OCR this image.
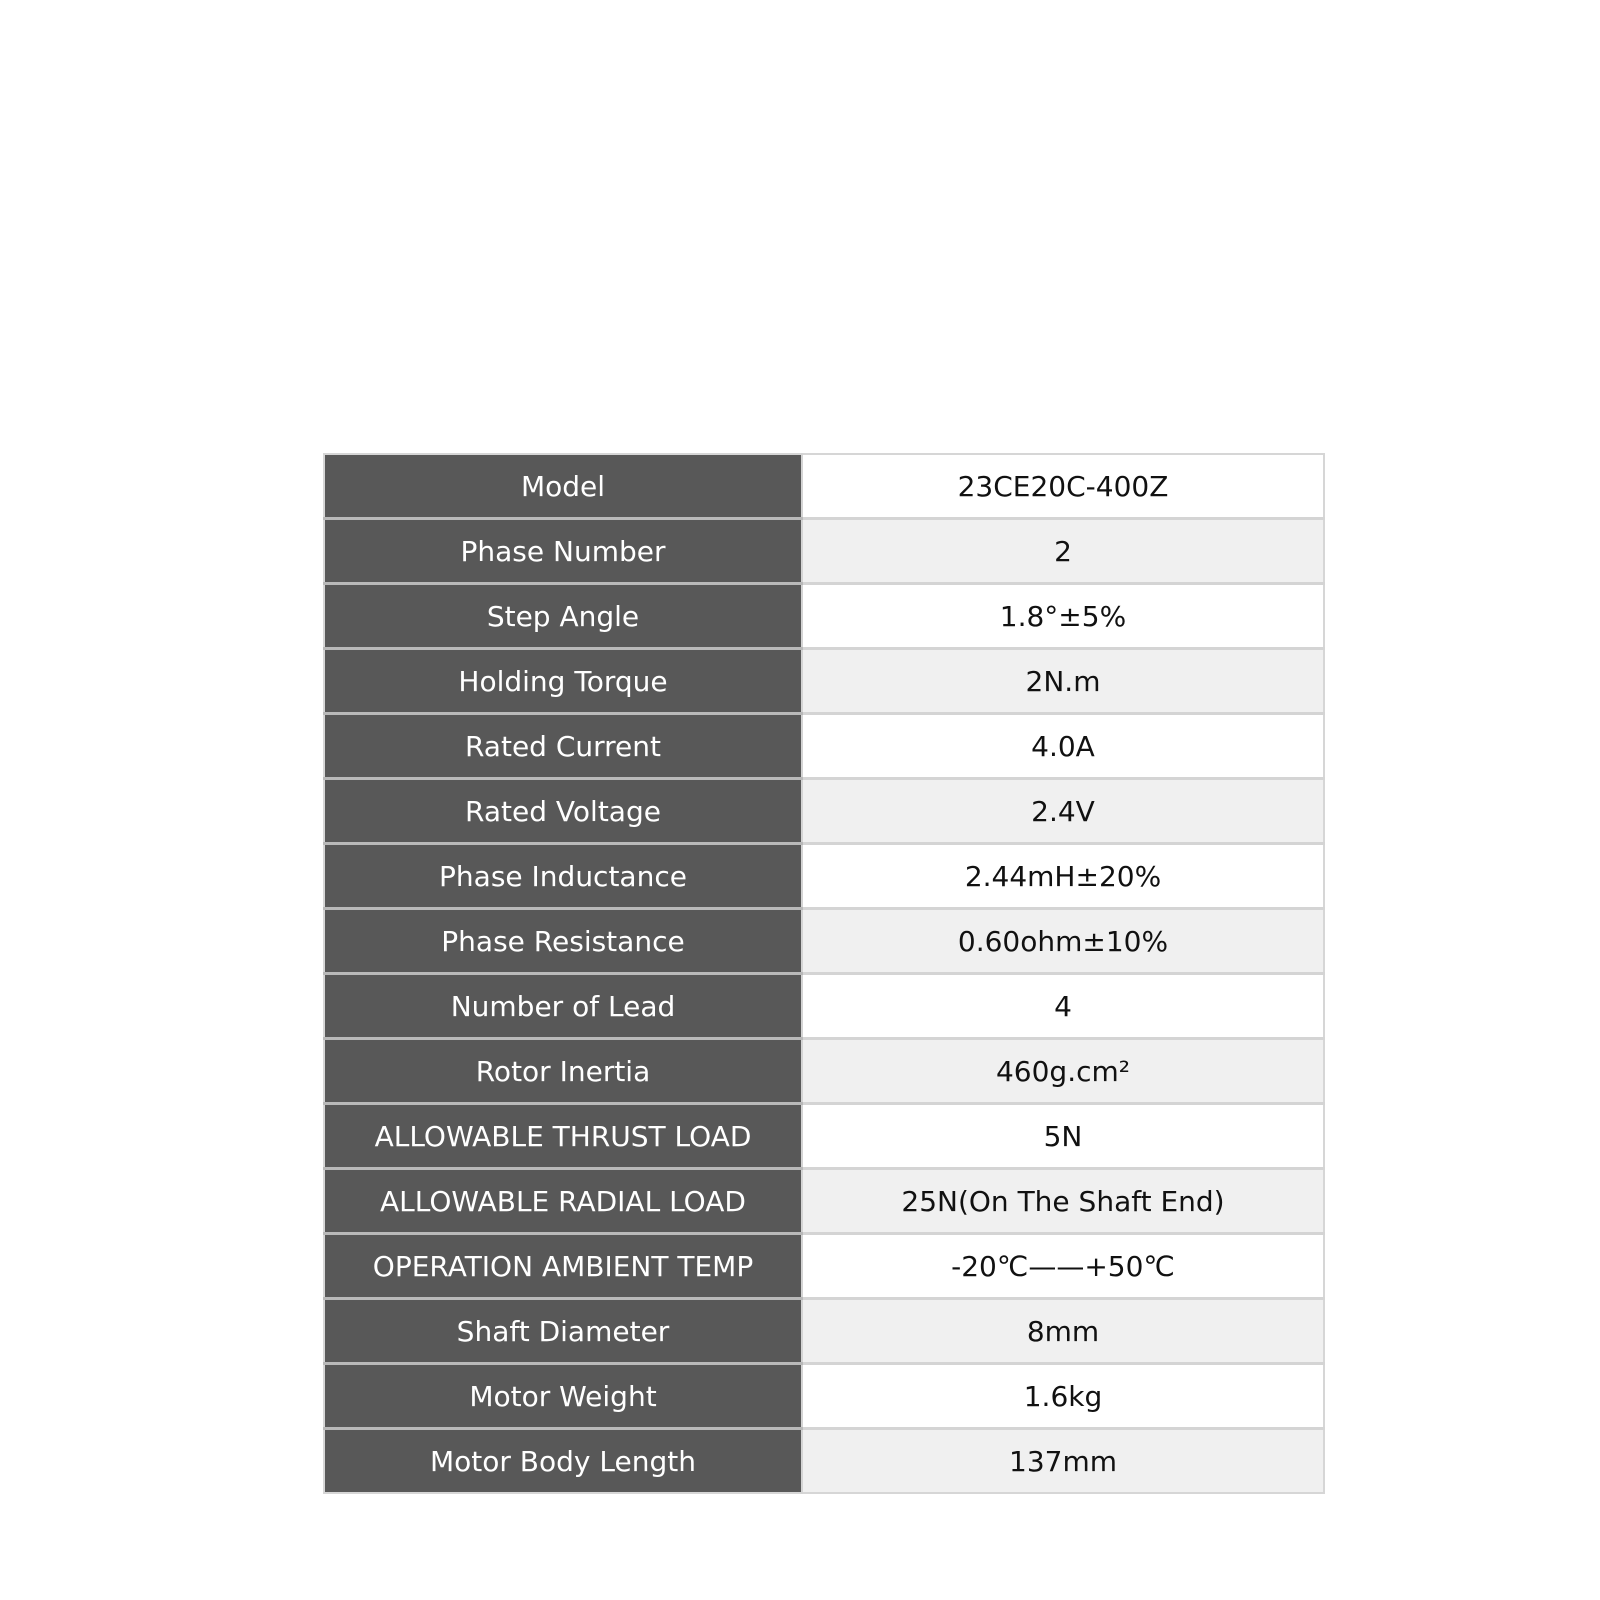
Model	23CE20C-400Z
Phase Number	2
Step Angle	1.8°±5%
Holding Torque	2N.m
Rated Current	4.0A
Rated Voltage	2.4V
Phase Inductance	2.44mH±20%
Phase Resistance	0.60ohm±10%
Number of Lead	4
Rotor Inertia	460g.cm²
ALLOWABLE THRUST LOAD	5N
ALLOWABLE RADIAL LOAD	25N(On The Shaft End)
OPERATION AMBIENT TEMP	-20℃——+50℃
Shaft Diameter	8mm
Motor Weight	1.6kg
Motor Body Length	137mm
